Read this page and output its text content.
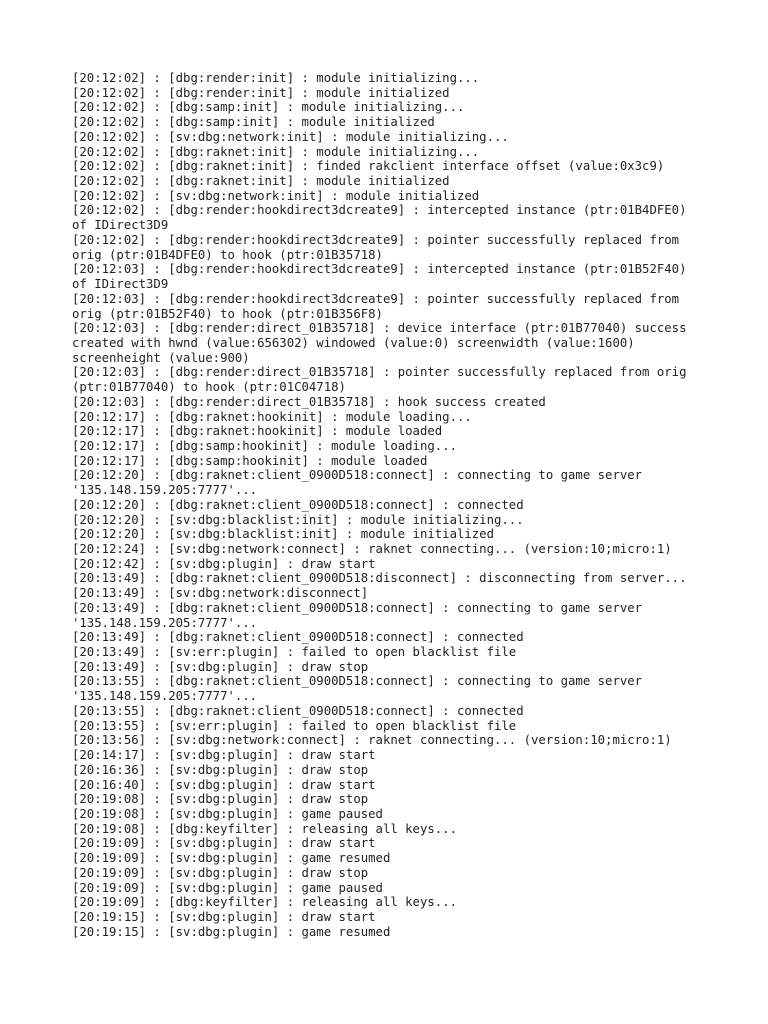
[20:12:02] : [dbg:render:init] : module initializing...
[20:12:02] : [dbg:render:init] : module initialized
[20:12:02] : [dbg:samp:init] : module initializing...
[20:12:02] : [dbg:samp:init] : module initialized
[20:12:02] : [sv:dbg:network:init] : module initializing...
[20:12:02] : [dbg:raknet:init] : module initializing...
[20:12:02] : [dbg:raknet:init] : finded rakclient interface offset (value:0x3c9)
[20:12:02] : [dbg:raknet:init] : module initialized
[20:12:02] : [sv:dbg:network:init] : module initialized
[20:12:02] : [dbg:render:hookdirect3dcreate9] : intercepted instance (ptr:01B4DFE0)
of IDirect3D9
[20:12:02] : [dbg:render:hookdirect3dcreate9] : pointer successfully replaced from
orig (ptr:01B4DFE0) to hook (ptr:01B35718)
[20:12:03] : [dbg:render:hookdirect3dcreate9] : intercepted instance (ptr:01B52F40)
of IDirect3D9
[20:12:03] : [dbg:render:hookdirect3dcreate9] : pointer successfully replaced from
orig (ptr:01B52F40) to hook (ptr:01B356F8)
[20:12:03] : [dbg:render:direct_01B35718] : device interface (ptr:01B77040) success
created with hwnd (value:656302) windowed (value:0) screenwidth (value:1600)
screenheight (value:900)
[20:12:03] : [dbg:render:direct_01B35718] : pointer successfully replaced from orig
(ptr:01B77040) to hook (ptr:01C04718)
[20:12:03] : [dbg:render:direct_01B35718] : hook success created
[20:12:17] : [dbg:raknet:hookinit] : module loading...
[20:12:17] : [dbg:raknet:hookinit] : module loaded
[20:12:17] : [dbg:samp:hookinit] : module loading...
[20:12:17] : [dbg:samp:hookinit] : module loaded
[20:12:20] : [dbg:raknet:client_0900D518:connect] : connecting to game server
'135.148.159.205:7777'...
[20:12:20] : [dbg:raknet:client_0900D518:connect] : connected
[20:12:20] : [sv:dbg:blacklist:init] : module initializing...
[20:12:20] : [sv:dbg:blacklist:init] : module initialized
[20:12:24] : [sv:dbg:network:connect] : raknet connecting... (version:10;micro:1)
[20:12:42] : [sv:dbg:plugin] : draw start
[20:13:49] : [dbg:raknet:client_0900D518:disconnect] : disconnecting from server...
[20:13:49] : [sv:dbg:network:disconnect]
[20:13:49] : [dbg:raknet:client_0900D518:connect] : connecting to game server
'135.148.159.205:7777'...
[20:13:49] : [dbg:raknet:client_0900D518:connect] : connected
[20:13:49] : [sv:err:plugin] : failed to open blacklist file
[20:13:49] : [sv:dbg:plugin] : draw stop
[20:13:55] : [dbg:raknet:client_0900D518:connect] : connecting to game server
'135.148.159.205:7777'...
[20:13:55] : [dbg:raknet:client_0900D518:connect] : connected
[20:13:55] : [sv:err:plugin] : failed to open blacklist file
[20:13:56] : [sv:dbg:network:connect] : raknet connecting... (version:10;micro:1)
[20:14:17] : [sv:dbg:plugin] : draw start
[20:16:36] : [sv:dbg:plugin] : draw stop
[20:16:40] : [sv:dbg:plugin] : draw start
[20:19:08] : [sv:dbg:plugin] : draw stop
[20:19:08] : [sv:dbg:plugin] : game paused
[20:19:08] : [dbg:keyfilter] : releasing all keys...
[20:19:09] : [sv:dbg:plugin] : draw start
[20:19:09] : [sv:dbg:plugin] : game resumed
[20:19:09] : [sv:dbg:plugin] : draw stop
[20:19:09] : [sv:dbg:plugin] : game paused
[20:19:09] : [dbg:keyfilter] : releasing all keys...
[20:19:15] : [sv:dbg:plugin] : draw start
[20:19:15] : [sv:dbg:plugin] : game resumed
